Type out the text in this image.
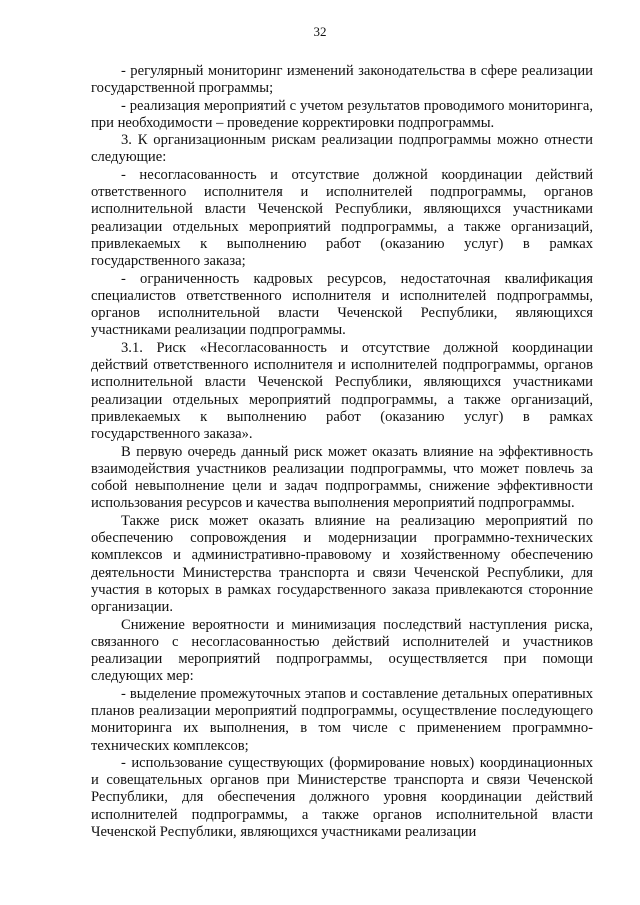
32

- регулярный мониторинг изменений законодательства в сфере реализации государственной программы;

- реализация мероприятий с учетом результатов проводимого мониторинга, при необходимости – проведение корректировки подпрограммы.

3. К организационным рискам реализации подпрограммы можно отнести следующие:

- несогласованность и отсутствие должной координации действий ответственного исполнителя и исполнителей подпрограммы, органов исполнительной власти Чеченской Республики, являющихся участниками реализации отдельных мероприятий подпрограммы, а также организаций, привлекаемых к выполнению работ (оказанию услуг) в рамках государственного заказа;

- ограниченность кадровых ресурсов, недостаточная квалификация специалистов ответственного исполнителя и исполнителей подпрограммы, органов исполнительной власти Чеченской Республики, являющихся участниками реализации подпрограммы.

3.1. Риск «Несогласованность и отсутствие должной координации действий ответственного исполнителя и исполнителей подпрограммы, органов исполнительной власти Чеченской Республики, являющихся участниками реализации отдельных мероприятий подпрограммы, а также организаций, привлекаемых к выполнению работ (оказанию услуг) в рамках государственного заказа».

В первую очередь данный риск может оказать влияние на эффективность взаимодействия участников реализации подпрограммы, что может повлечь за собой невыполнение цели и задач подпрограммы, снижение эффективности использования ресурсов и качества выполнения мероприятий подпрограммы.

Также риск может оказать влияние на реализацию мероприятий по обеспечению сопровождения и модернизации программно-технических комплексов и административно-правовому и хозяйственному обеспечению деятельности Министерства транспорта и связи Чеченской Республики, для участия в которых в рамках государственного заказа привлекаются сторонние организации.

Снижение вероятности и минимизация последствий наступления риска, связанного с несогласованностью действий исполнителей и участников реализации мероприятий подпрограммы, осуществляется при помощи следующих мер:

- выделение промежуточных этапов и составление детальных оперативных планов реализации мероприятий подпрограммы, осуществление последующего мониторинга их выполнения, в том числе с применением программно-технических комплексов;

- использование существующих (формирование новых) координационных и совещательных органов при Министерстве транспорта и связи Чеченской Республики, для обеспечения должного уровня координации действий исполнителей подпрограммы, а также органов исполнительной власти Чеченской Республики, являющихся участниками реализации
